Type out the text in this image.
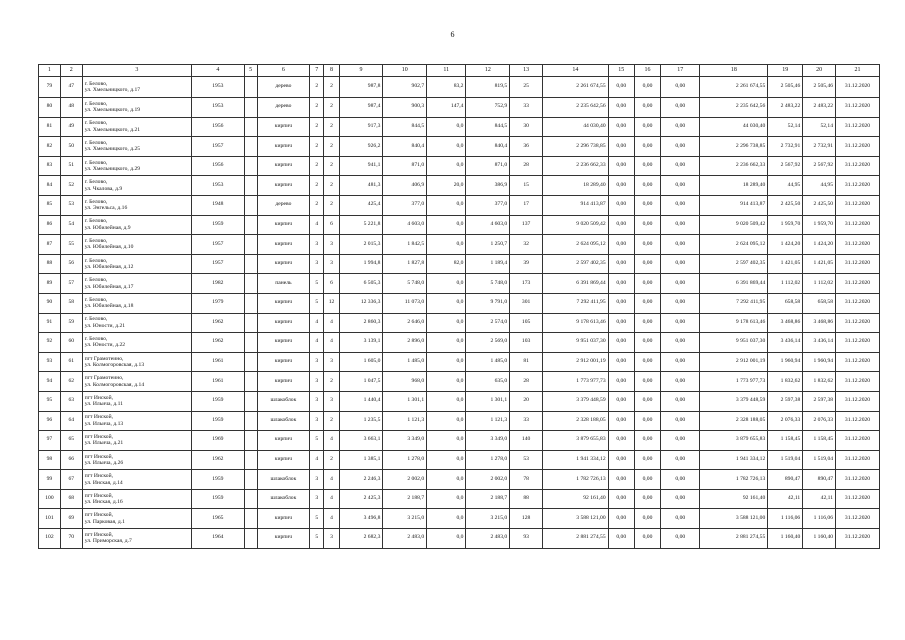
6
1	2	3	4	5	6	7	8	9	10	11	12	13	14	15	16	17	18	19	20	21
79	47	г. Белово,
ул. Хмельницкого, д.17	1953		дерево	2	2	987,8	902,7	83,2	819,5	25	2 261 674,55	0,00	0,00	0,00	2 261 674,55	2 505,46	2 505,46	31.12.2020
80	48	г. Белово,
ул. Хмельницкого, д.19	1953		дерево	2	2	987,4	900,3	147,4	752,9	33	2 235 642,56	0,00	0,00	0,00	2 235 642,56	2 483,22	2 483,22	31.12.2020
81	49	г. Белово,
ул. Хмельницкого, д.21	1956		кирпич	2	2	917,3	844,5	0,0	844,5	30	44 030,40	0,00	0,00	0,00	44 030,40	52,14	52,14	31.12.2020
82	50	г. Белово,
ул. Хмельницкого, д.25	1957		кирпич	2	2	926,2	840,4	0,0	840,4	36	2 296 738,85	0,00	0,00	0,00	2 296 738,85	2 732,91	2 732,91	31.12.2020
83	51	г. Белово,
ул. Хмельницкого, д.29	1956		кирпич	2	2	941,1	871,0	0,0	871,0	28	2 236 662,33	0,00	0,00	0,00	2 236 662,33	2 567,92	2 567,92	31.12.2020
84	52	г. Белово,
ул. Чкалова, д.9	1953		кирпич	2	2	481,3	406,9	20,0	386,9	15	18 289,40	0,00	0,00	0,00	18 289,40	44,95	44,95	31.12.2020
85	53	г. Белово,
ул. Энгельса, д.16	1948		дерево	2	2	425,4	377,0	0,0	377,0	17	914 413,87	0,00	0,00	0,00	914 413,87	2 425,50	2 425,50	31.12.2020
86	54	г. Белово,
ул. Юбилейная, д.9	1959		кирпич	4	6	5 221,8	4 603,0	0,0	4 603,0	137	9 020 509,42	0,00	0,00	0,00	9 020 509,42	1 959,70	1 959,70	31.12.2020
87	55	г. Белово,
ул. Юбилейная, д.10	1957		кирпич	3	3	2 015,3	1 842,5	0,0	1 250,7	32	2 624 095,12	0,00	0,00	0,00	2 624 095,12	1 424,20	1 424,20	31.12.2020
88	56	г. Белово,
ул. Юбилейная, д.12	1957		кирпич	3	3	1 994,8	1 827,8	82,0	1 189,4	39	2 597 402,35	0,00	0,00	0,00	2 597 402,35	1 421,05	1 421,05	31.12.2020
89	57	г. Белово,
ул. Юбилейная, д.17	1982		панель	5	6	6 505,3	5 748,0	0,0	5 748,0	173	6 391 869,44	0,00	0,00	0,00	6 391 869,44	1 112,02	1 112,02	31.12.2020
90	58	г. Белово,
ул. Юбилейная, д.18	1979		кирпич	5	12	12 336,3	11 073,0	0,0	9 791,0	301	7 292 411,95	0,00	0,00	0,00	7 292 411,95	658,58	658,58	31.12.2020
91	59	г. Белово,
ул. Юности, д.21	1962		кирпич	4	4	2 860,3	2 646,0	0,0	2 574,0	105	9 178 613,46	0,00	0,00	0,00	9 178 613,46	3 468,86	3 468,86	31.12.2020
92	60	г. Белово,
ул. Юности, д.22	1962		кирпич	4	4	3 139,1	2 896,0	0,0	2 569,0	103	9 951 037,30	0,00	0,00	0,00	9 951 037,30	3 436,14	3 436,14	31.12.2020
93	61	пгт Грамотеино,
ул. Колмогоровская, д.13	1961		кирпич	3	3	1 605,0	1 485,0	0,0	1 485,0	81	2 912 001,19	0,00	0,00	0,00	2 912 001,19	1 960,94	1 960,94	31.12.2020
94	62	пгт Грамотеино,
ул. Колмогоровская, д.14	1961		кирпич	3	2	1 047,5	968,0	0,0	635,0	28	1 773 977,73	0,00	0,00	0,00	1 773 977,73	1 832,62	1 832,62	31.12.2020
95	63	пгт Инской,
ул. Ильича, д.11	1959		шлакоблок	3	3	1 440,4	1 301,1	0,0	1 301,1	20	3 379 448,59	0,00	0,00	0,00	3 379 448,59	2 597,38	2 597,38	31.12.2020
96	64	пгт Инской,
ул. Ильича, д.13	1959		шлакоблок	3	2	1 235,5	1 121,3	0,0	1 121,3	33	2 328 188,05	0,00	0,00	0,00	2 328 188,05	2 076,33	2 076,33	31.12.2020
97	65	пгт Инской,
ул. Ильича, д.21	1969		кирпич	5	4	3 663,1	3 349,0	0,0	3 349,0	140	3 879 655,83	0,00	0,00	0,00	3 879 655,83	1 158,45	1 158,45	31.12.2020
98	66	пгт Инской,
ул. Ильича, д.26	1962		кирпич	4	2	1 385,1	1 278,0	0,0	1 278,0	53	1 941 334,12	0,00	0,00	0,00	1 941 334,12	1 519,04	1 519,04	31.12.2020
99	67	пгт Инской,
ул. Инская, д.14	1959		шлакоблок	3	4	2 246,3	2 002,0	0,0	2 002,0	78	1 782 726,13	0,00	0,00	0,00	1 782 726,13	890,47	890,47	31.12.2020
100	68	пгт Инской,
ул. Инская, д.16	1959		шлакоблок	3	4	2 425,3	2 188,7	0,0	2 188,7	88	92 161,40	0,00	0,00	0,00	92 161,40	42,11	42,11	31.12.2020
101	69	пгт Инской,
ул. Парковая, д.1	1965		кирпич	5	4	3 496,8	3 215,0	0,0	3 215,0	128	3 588 121,00	0,00	0,00	0,00	3 588 121,00	1 116,06	1 116,06	31.12.2020
102	70	пгт Инской,
ул. Приморская, д.7	1964		кирпич	5	3	2 682,3	2 483,0	0,0	2 483,0	93	2 881 274,55	0,00	0,00	0,00	2 881 274,55	1 160,40	1 160,40	31.12.2020
